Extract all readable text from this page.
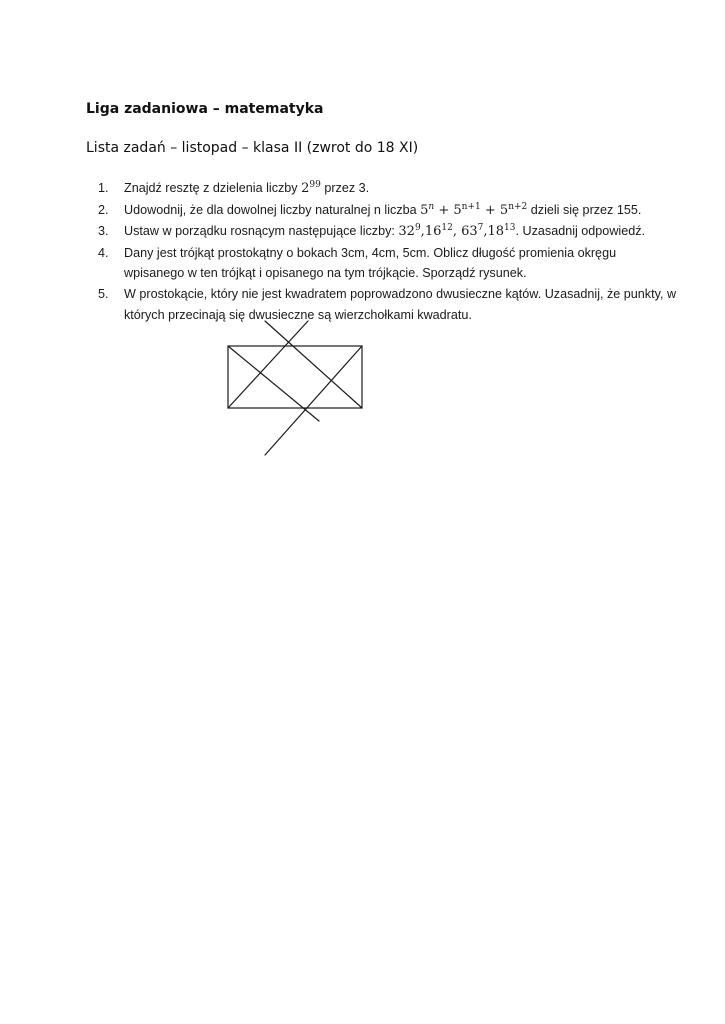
Liga zadaniowa – matematyka

Lista zadań – listopad – klasa II (zwrot do 18 XI)

1. Znajdź resztę z dzielenia liczby $2^{99}$ przez 3.
2. Udowodnij, że dla dowolnej liczby naturalnej n liczba $5^n + 5^{n+1} + 5^{n+2}$ dzieli się przez 155.
3. Ustaw w porządku rosnącym następujące liczby: $32^9,16^{12}$, $63^7,18^{13}$. Uzasadnij odpowiedź.
4. Dany jest trójkąt prostokątny o bokach 3cm, 4cm, 5cm. Oblicz długość promienia okręgu wpisanego w ten trójkąt i opisanego na tym trójkącie. Sporządź rysunek.
5. W prostokącie, który nie jest kwadratem poprowadzono dwusieczne kątów. Uzasadnij, że punkty, w których przecinają się dwusieczne są wierzchołkami kwadratu.
